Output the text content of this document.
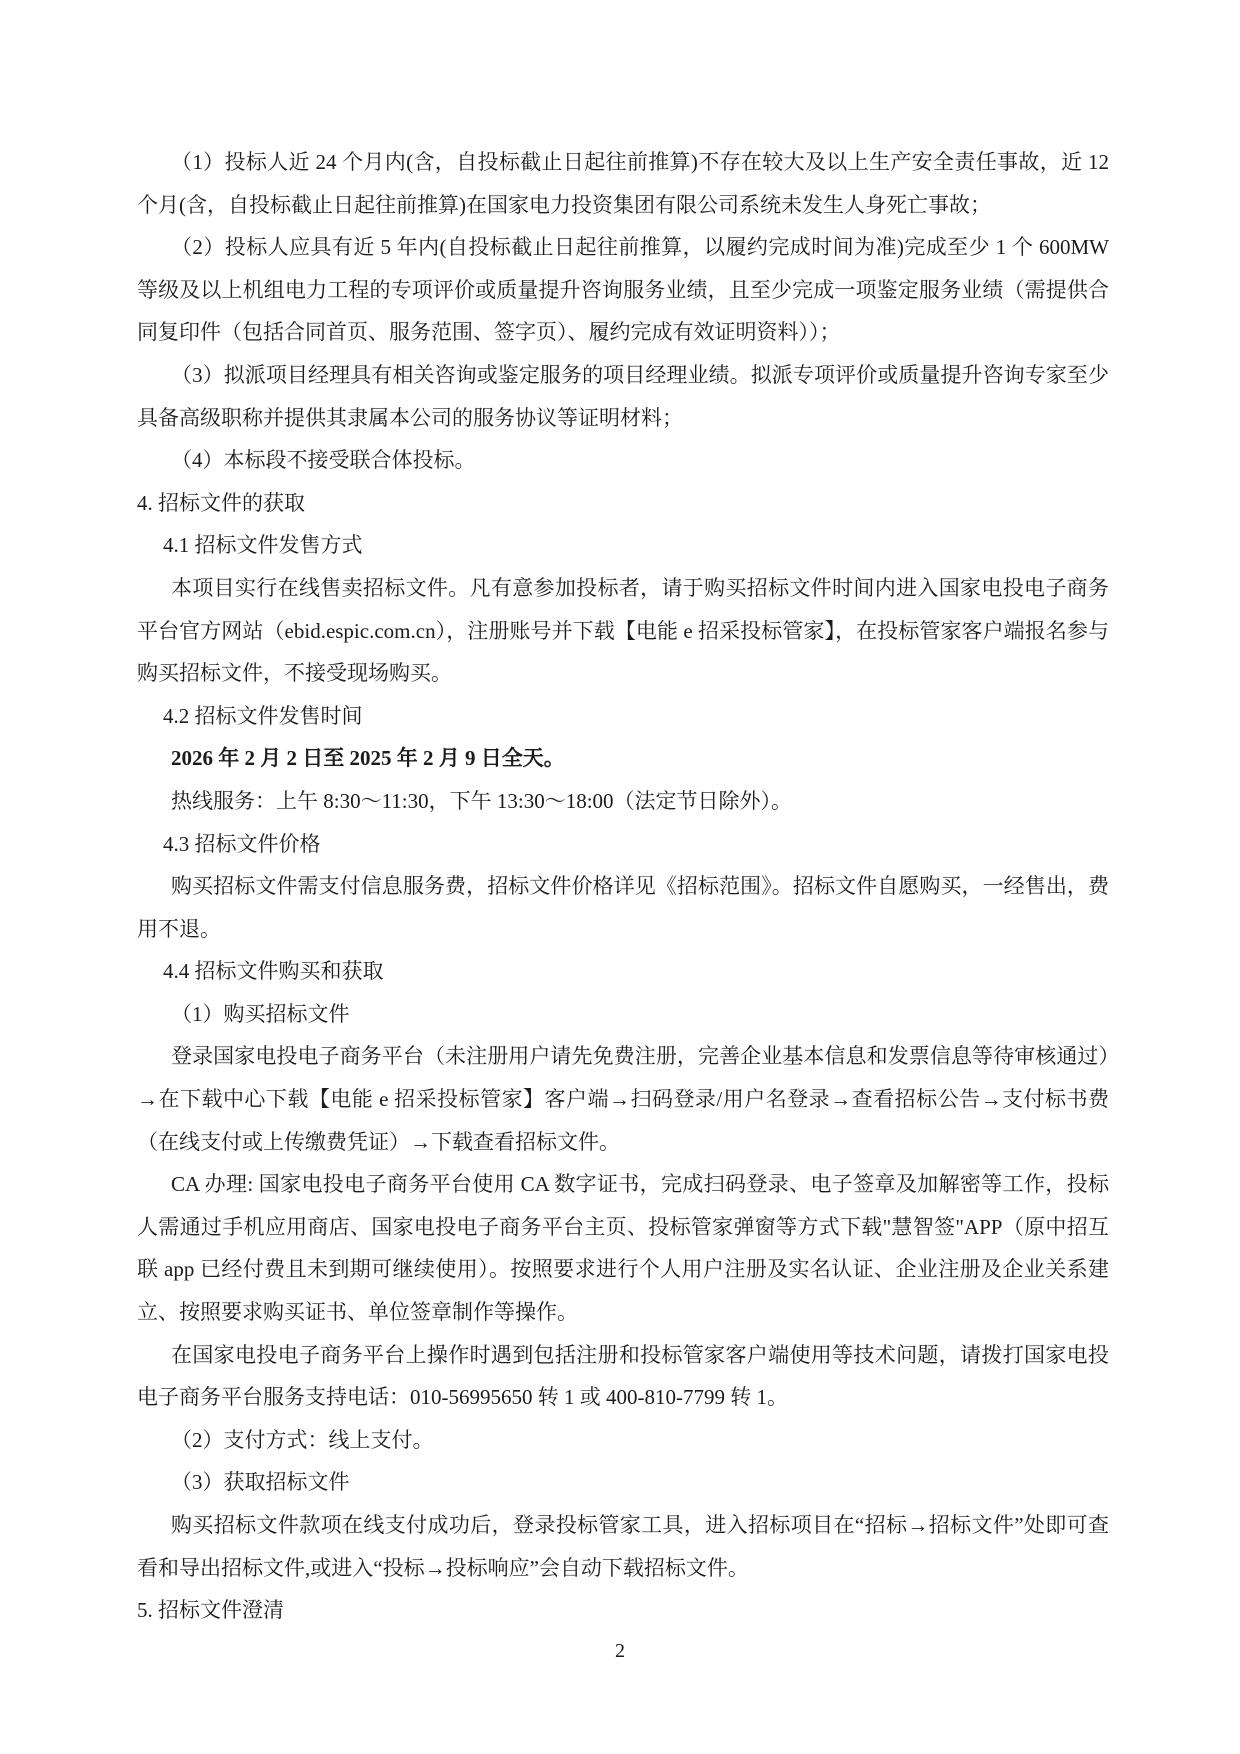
（1）投标人近 24 个月内(含，自投标截止日起往前推算)不存在较大及以上生产安全责任事故，近 12 个月(含，自投标截止日起往前推算)在国家电力投资集团有限公司系统未发生人身死亡事故；

（2）投标人应具有近 5 年内(自投标截止日起往前推算，以履约完成时间为准)完成至少 1 个 600MW等级及以上机组电力工程的专项评价或质量提升咨询服务业绩，且至少完成一项鉴定服务业绩（需提供合同复印件（包括合同首页、服务范围、签字页）、履约完成有效证明资料））；

（3）拟派项目经理具有相关咨询或鉴定服务的项目经理业绩。拟派专项评价或质量提升咨询专家至少具备高级职称并提供其隶属本公司的服务协议等证明材料；

（4）本标段不接受联合体投标。

4. 招标文件的获取

4.1 招标文件发售方式

本项目实行在线售卖招标文件。凡有意参加投标者，请于购买招标文件时间内进入国家电投电子商务平台官方网站（ebid.espic.com.cn），注册账号并下载【电能 e 招采投标管家】，在投标管家客户端报名参与购买招标文件，不接受现场购买。

4.2 招标文件发售时间

2026 年 2 月 2 日至 2025 年 2 月 9 日全天。

热线服务：上午 8:30～11:30，下午 13:30～18:00（法定节日除外）。

4.3 招标文件价格

购买招标文件需支付信息服务费，招标文件价格详见《招标范围》。招标文件自愿购买，一经售出，费用不退。

4.4 招标文件购买和获取

（1）购买招标文件

登录国家电投电子商务平台（未注册用户请先免费注册，完善企业基本信息和发票信息等待审核通过）→在下载中心下载【电能 e 招采投标管家】客户端→扫码登录/用户名登录→查看招标公告→支付标书费（在线支付或上传缴费凭证）→下载查看招标文件。

CA 办理: 国家电投电子商务平台使用 CA 数字证书，完成扫码登录、电子签章及加解密等工作，投标人需通过手机应用商店、国家电投电子商务平台主页、投标管家弹窗等方式下载"慧智签"APP（原中招互联 app 已经付费且未到期可继续使用）。按照要求进行个人用户注册及实名认证、企业注册及企业关系建立、按照要求购买证书、单位签章制作等操作。

在国家电投电子商务平台上操作时遇到包括注册和投标管家客户端使用等技术问题，请拨打国家电投电子商务平台服务支持电话：010-56995650 转 1 或 400-810-7799 转 1。

（2）支付方式：线上支付。

（3）获取招标文件

购买招标文件款项在线支付成功后，登录投标管家工具，进入招标项目在“招标→招标文件”处即可查看和导出招标文件,或进入“投标→投标响应”会自动下载招标文件。

5. 招标文件澄清

2
